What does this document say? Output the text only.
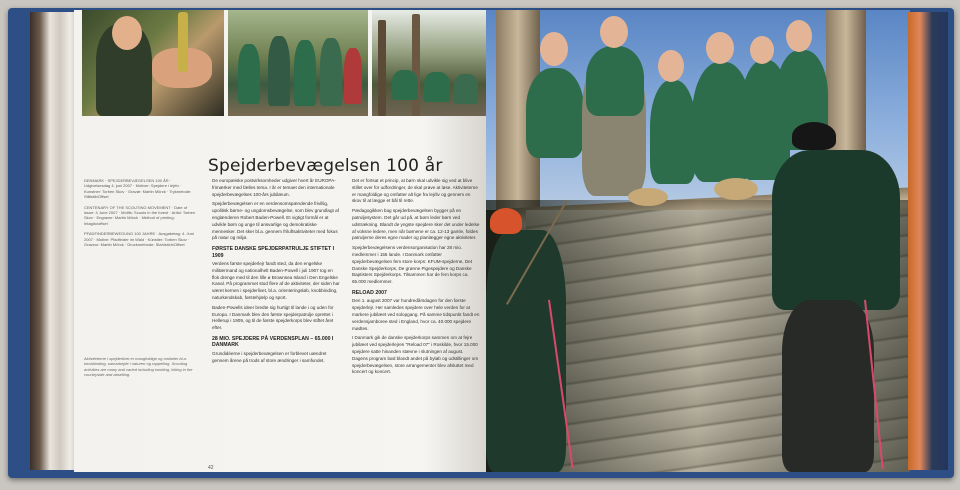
Spejderbevægelsen 100 år

DENMARK · SPEJDERBEVÆGELSEN 100 ÅR · Udgivelsesdag 4. juni 2007 · Motiver: Spejdere i lejrliv · Kunstner: Torben Skov · Gravør: Martin Mörck · Trykmetode: Stålstik/Offset

CENTENARY OF THE SCOUTING MOVEMENT · Date of issue: 4 June 2007 · Motifs: Scouts in the forest · Artist: Torben Skov · Engraver: Martin Mörck · Method of printing: Intaglio/offset

PFADFINDERBEWEGUNG 100 JAHRE · Ausgabetag: 4. Juni 2007 · Motive: Pfadfinder im Wald · Künstler: Torben Skov · Graveur: Martin Mörck · Druckmethode: Stahlstich/Offset

De europæiske postvirksomheder udgiver hvert år EUROPA-frimærker med fælles tema. I år er temaet den internationale spejderbevægelses 100-års jubilæum.

Spejderbevægelsen er en verdensomspændende frivillig, upolitisk børne- og ungdomsbevægelse, som blev grundlagt af englænderen Robert Baden-Powell. Et vigtigt formål er at udvikle børn og unge til ansvarlige og demokratiske mennesker. Det sker bl.a. gennem friluftsaktiviteter med fokus på natur og miljø.

FØRSTE DANSKE SPEJDERPATRULJE STIFTET I 1909

Verdens første spejderlejr fandt sted, da den engelske militærmand og nationalhelt Baden-Powell i juli 1907 tog en flok drenge med til den lille ø Brownsea Island i Den Engelske Kanal. På programmet stod flere af de aktiviteter, der siden har været kernen i spejderlivet, bl.a. orienteringsløb, knobbinding, naturkendskab, førstehjælp og sport.

Baden-Powells ideer bredte sig hurtigt til lande i og uden for Europa. I Danmark blev den første spejderpatrulje oprettet i Hellerup i 1909, og til de første spejderkorps blev stiftet året efter.

28 MIO. SPEJDERE PÅ VERDENSPLAN – 65.000 I DANMARK

Grundidéerne i spejderbevægelsen er forblevet uændret gennem årene på trods af store ændringer i samfundet.

Det er fortsat et princip, at børn skal udvikle sig ved at blive stillet over for udfordringer, de skal prøve at løse. Aktiviteterne er mangfoldige og omfatter alt lige fra lejrliv og gennem en skov til at lægge et bål til rette.

Pædagogikken bag spejderbevægelsen bygger på en patruljesystem. Det går ud på, at børn leder børn ved udstrækning. Blandt de yngste spejdere sker det under ledelse af voksne ledere, men når børnene er ca. 12-13 gamle, foldes patruljerne deres egne mader og planlægger egne aktiviteter.

Spejderbevægelsens verdensorganisation har 28 mio. medlemmer i 155 lande. I Danmark omfatter spejderbevægelsen fem store korps: KFUM-spejderne, Det Danske Spejderkorps, De grønne Pigespejdere og Danske Baptisters Spejderkorps. Tilsammen har de fem korps ca. 65.000 medlemmer.

RELOAD 2007

Den 1. august 2007 var hundredårsdagen for den første spejderlejr. Her samledes spejdere over hele verden for at markere jubilæet ved solopgang. På samme tidspunkt fandt en verdensjamboree sted i England, hvor ca. 40.000 spejdere mødtes.

I Danmark gik de danske spejderkorps sammen om at fejre jubilæet ved spejderlejren "Reload 07" i Roskilde, hvor 15.000 spejdere satte hinanden stævne i slutningen af august. Dagens program bød blandt andet på byløb og udstillinger om spejderbevægelsen, store arrangementer blev afsluttet med koncert og koncert.

Aktiviteterne i spejderlivet er mangfoldige og omfatter bl.a. knobbinding, samarbejde i naturen og rappelling. Scouting activities are many and varied including knotting, hiking in the countryside and abseiling.
42
